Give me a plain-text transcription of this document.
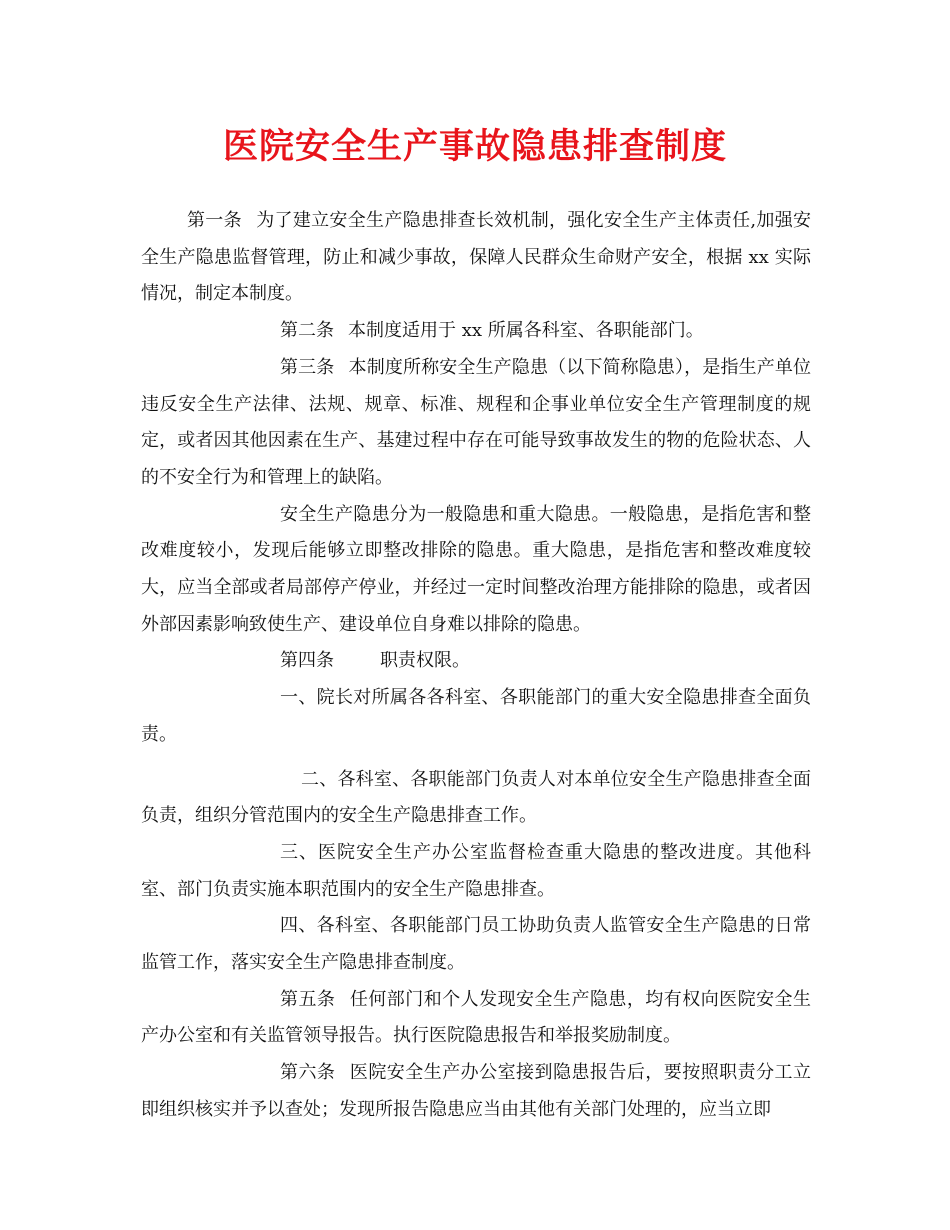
医院安全生产事故隐患排查制度

第一条 为了建立安全生产隐患排查长效机制，强化安全生产主体责任,加强安全生产隐患监督管理，防止和减少事故，保障人民群众生命财产安全，根据 xx 实际情况，制定本制度。

第二条 本制度适用于 xx 所属各科室、各职能部门。

第三条 本制度所称安全生产隐患（以下简称隐患），是指生产单位违反安全生产法律、法规、规章、标准、规程和企事业单位安全生产管理制度的规定，或者因其他因素在生产、基建过程中存在可能导致事故发生的物的危险状态、人的不安全行为和管理上的缺陷。

安全生产隐患分为一般隐患和重大隐患。一般隐患，是指危害和整改难度较小，发现后能够立即整改排除的隐患。重大隐患，是指危害和整改难度较大，应当全部或者局部停产停业，并经过一定时间整改治理方能排除的隐患，或者因外部因素影响致使生产、建设单位自身难以排除的隐患。

第四条	职责权限。

一、院长对所属各各科室、各职能部门的重大安全隐患排查全面负责。

二、各科室、各职能部门负责人对本单位安全生产隐患排查全面负责，组织分管范围内的安全生产隐患排查工作。

三、医院安全生产办公室监督检查重大隐患的整改进度。其他科室、部门负责实施本职范围内的安全生产隐患排查。

四、各科室、各职能部门员工协助负责人监管安全生产隐患的日常监管工作，落实安全生产隐患排查制度。

第五条 任何部门和个人发现安全生产隐患，均有权向医院安全生产办公室和有关监管领导报告。执行医院隐患报告和举报奖励制度。

第六条 医院安全生产办公室接到隐患报告后，要按照职责分工立即组织核实并予以查处；发现所报告隐患应当由其他有关部门处理的，应当立即
